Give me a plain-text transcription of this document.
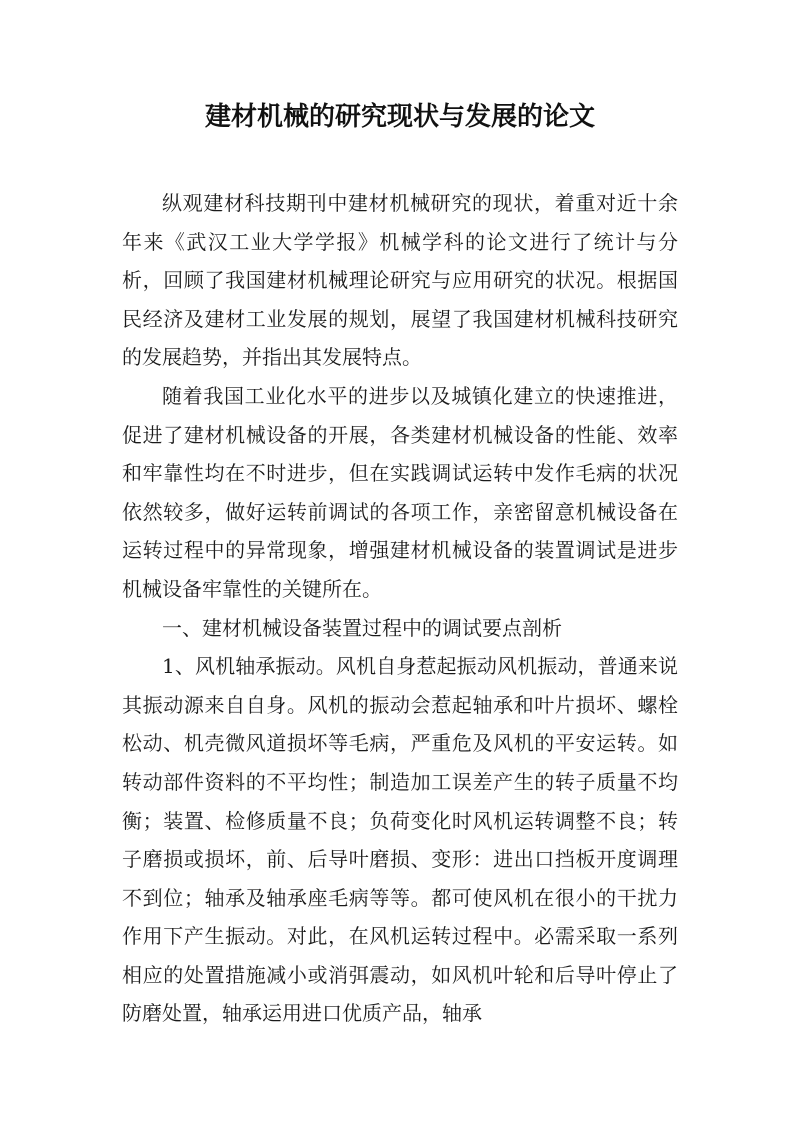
建材机械的研究现状与发展的论文

纵观建材科技期刊中建材机械研究的现状，着重对近十余年来《武汉工业大学学报》机械学科的论文进行了统计与分析，回顾了我国建材机械理论研究与应用研究的状况。根据国民经济及建材工业发展的规划，展望了我国建材机械科技研究的发展趋势，并指出其发展特点。

随着我国工业化水平的进步以及城镇化建立的快速推进，促进了建材机械设备的开展，各类建材机械设备的性能、效率和牢靠性均在不时进步，但在实践调试运转中发作毛病的状况依然较多，做好运转前调试的各项工作，亲密留意机械设备在运转过程中的异常现象，增强建材机械设备的装置调试是进步机械设备牢靠性的关键所在。

一、建材机械设备装置过程中的调试要点剖析

1、风机轴承振动。风机自身惹起振动风机振动，普通来说其振动源来自自身。风机的振动会惹起轴承和叶片损坏、螺栓松动、机壳微风道损坏等毛病，严重危及风机的平安运转。如转动部件资料的不平均性；制造加工误差产生的转子质量不均衡；装置、检修质量不良；负荷变化时风机运转调整不良；转子磨损或损坏，前、后导叶磨损、变形：进出口挡板开度调理不到位；轴承及轴承座毛病等等。都可使风机在很小的干扰力作用下产生振动。对此，在风机运转过程中。必需采取一系列相应的处置措施减小或消弭震动，如风机叶轮和后导叶停止了防磨处置，轴承运用进口优质产品，轴承
